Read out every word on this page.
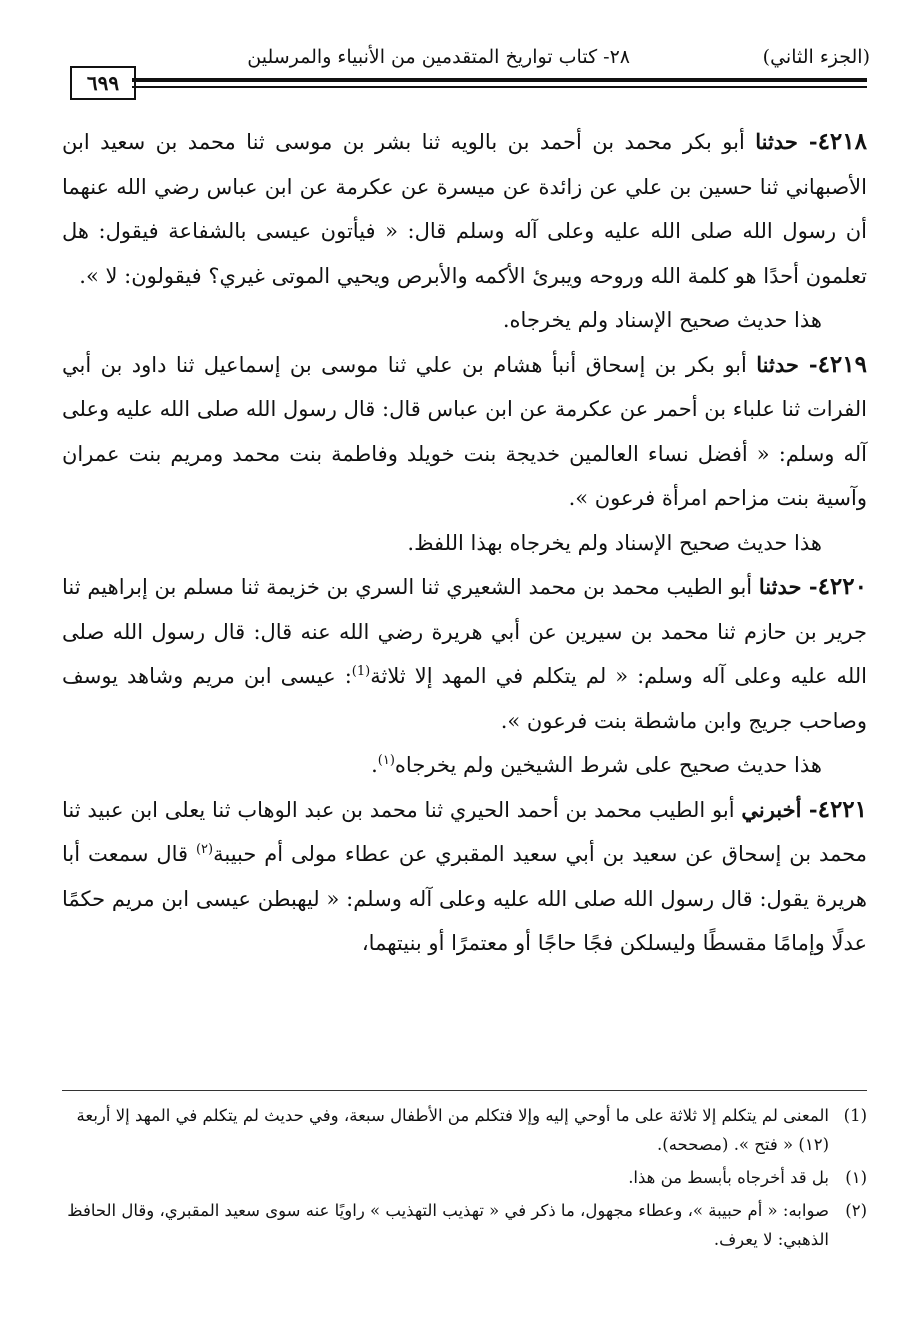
(الجزء الثاني)
٢٨- كتاب تواريخ المتقدمين من الأنبياء والمرسلين
٦٩٩

٤٢١٨- حدثنا أبو بكر محمد بن أحمد بن بالويه ثنا بشر بن موسى ثنا محمد بن سعيد ابن الأصبهاني ثنا حسين بن علي عن زائدة عن ميسرة عن عكرمة عن ابن عباس رضي الله عنهما أن رسول الله صلى الله عليه وعلى آله وسلم قال: « فيأتون عيسى بالشفاعة فيقول: هل تعلمون أحدًا هو كلمة الله وروحه ويبرئ الأكمه والأبرص ويحيي الموتى غيري؟ فيقولون: لا ».

هذا حديث صحيح الإسناد ولم يخرجاه.

٤٢١٩- حدثنا أبو بكر بن إسحاق أنبأ هشام بن علي ثنا موسى بن إسماعيل ثنا داود بن أبي الفرات ثنا علباء بن أحمر عن عكرمة عن ابن عباس قال: قال رسول الله صلى الله عليه وعلى آله وسلم: « أفضل نساء العالمين خديجة بنت خويلد وفاطمة بنت محمد ومريم بنت عمران وآسية بنت مزاحم امرأة فرعون ».

هذا حديث صحيح الإسناد ولم يخرجاه بهذا اللفظ.

٤٢٢٠- حدثنا أبو الطيب محمد بن محمد الشعيري ثنا السري بن خزيمة ثنا مسلم بن إبراهيم ثنا جرير بن حازم ثنا محمد بن سيرين عن أبي هريرة رضي الله عنه قال: قال رسول الله صلى الله عليه وعلى آله وسلم: « لم يتكلم في المهد إلا ثلاثة$^{(1)}$: عيسى ابن مريم وشاهد يوسف وصاحب جريج وابن ماشطة بنت فرعون ».

هذا حديث صحيح على شرط الشيخين ولم يخرجاه$^{(١)}$.

٤٢٢١- أخبرني أبو الطيب محمد بن أحمد الحيري ثنا محمد بن عبد الوهاب ثنا يعلى ابن عبيد ثنا محمد بن إسحاق عن سعيد بن أبي سعيد المقبري عن عطاء مولى أم حبيبة$^{(٢)}$ قال سمعت أبا هريرة يقول: قال رسول الله صلى الله عليه وعلى آله وسلم: « ليهبطن عيسى ابن مريم حكمًا عدلًا وإمامًا مقسطًا وليسلكن فجًا حاجًا أو معتمرًا أو بنيتهما،

(1)
المعنى لم يتكلم إلا ثلاثة على ما أوحي إليه وإلا فتكلم من الأطفال سبعة، وفي حديث لم يتكلم في المهد إلا أربعة (١٢) « فتح ». (مصححه).

(١)
بل قد أخرجاه بأبسط من هذا.

(٢)
صوابه: « أم حبيبة »، وعطاء مجهول، ما ذكر في « تهذيب التهذيب » راويًا عنه سوى سعيد المقبري، وقال الحافظ الذهبي: لا يعرف.
